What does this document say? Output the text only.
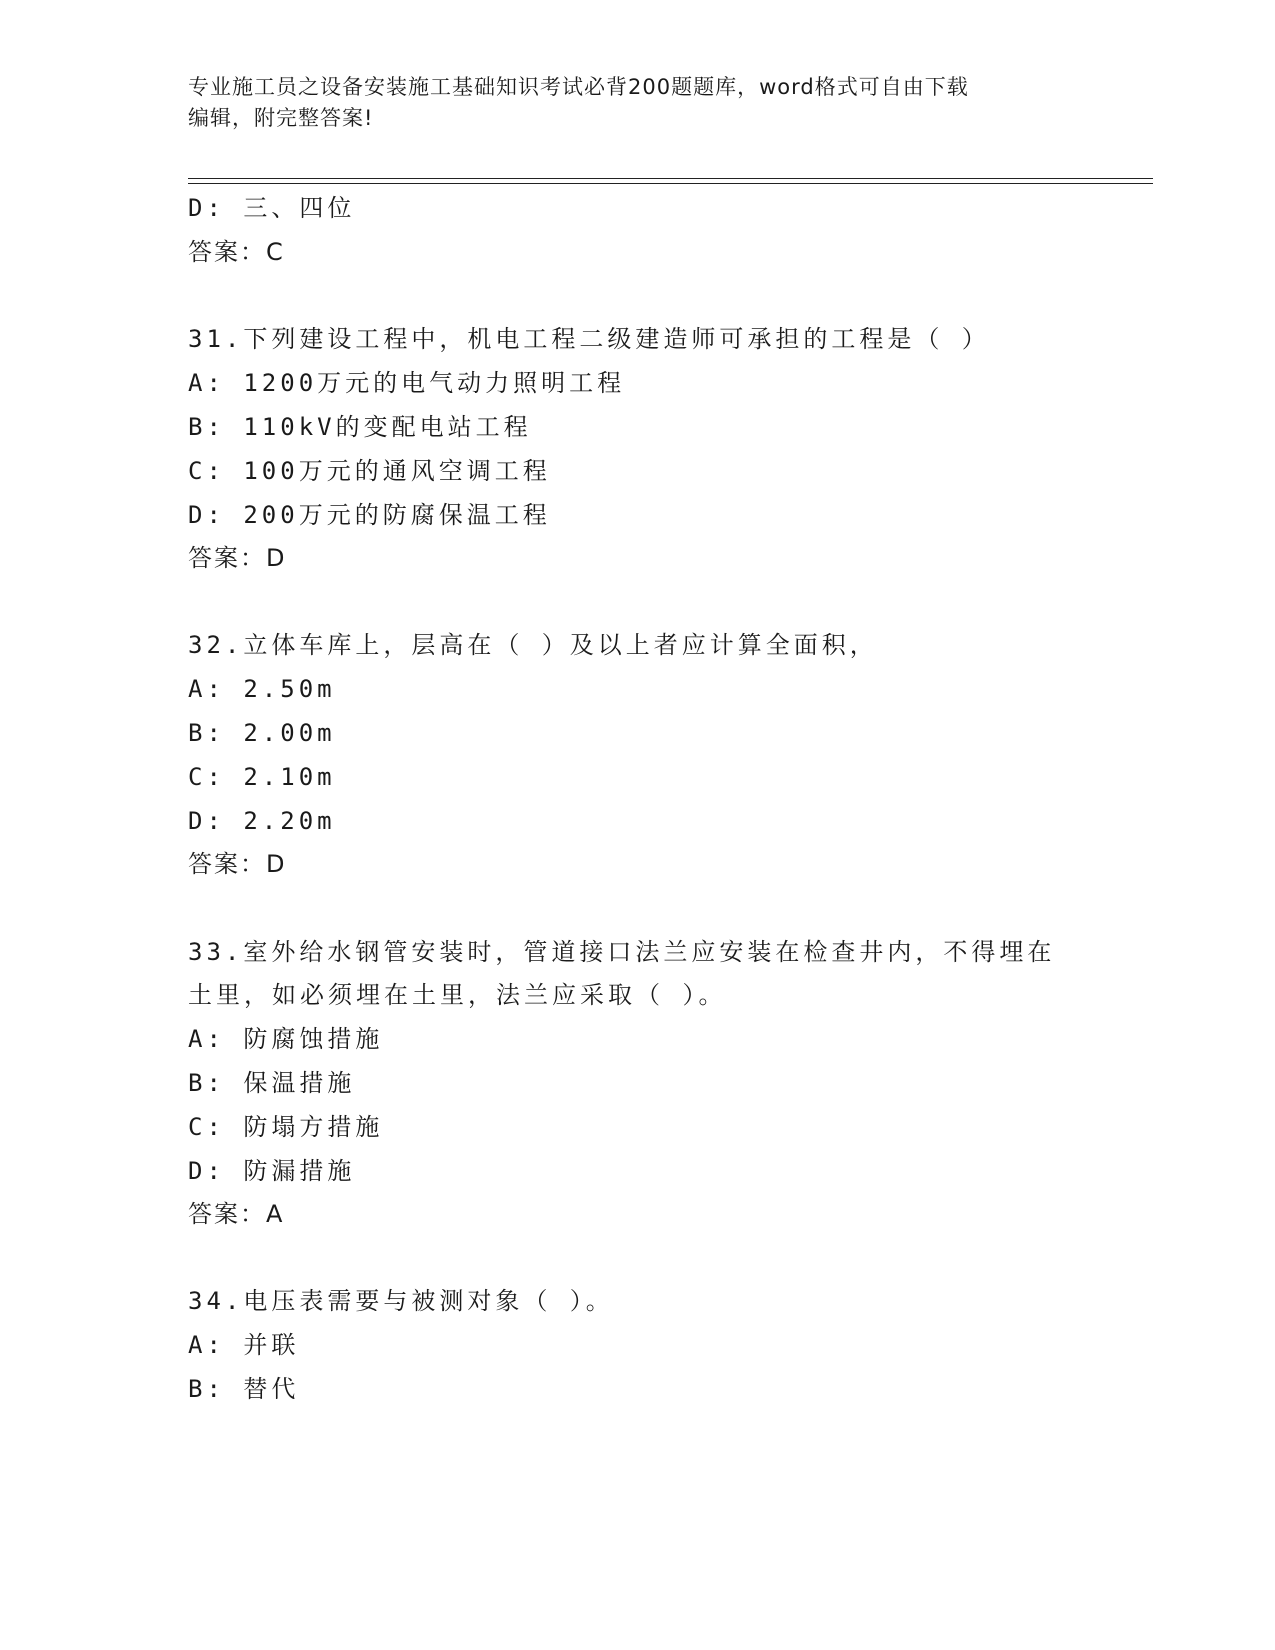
专业施工员之设备安装施工基础知识考试必背200题题库，word格式可自由下载
编辑，附完整答案!
D: 三、四位
答案：C
31.下列建设工程中，机电工程二级建造师可承担的工程是（ ）
A: 1200万元的电气动力照明工程
B: 110kV的变配电站工程
C: 100万元的通风空调工程
D: 200万元的防腐保温工程
答案：D
32.立体车库上，层高在（ ）及以上者应计算全面积，
A: 2.50m
B: 2.00m
C: 2.10m
D: 2.20m
答案：D
33.室外给水钢管安装时，管道接口法兰应安装在检查井内，不得埋在
土里，如必须埋在土里，法兰应采取（ ）。
A: 防腐蚀措施
B: 保温措施
C: 防塌方措施
D: 防漏措施
答案：A
34.电压表需要与被测对象（ ）。
A: 并联
B: 替代
